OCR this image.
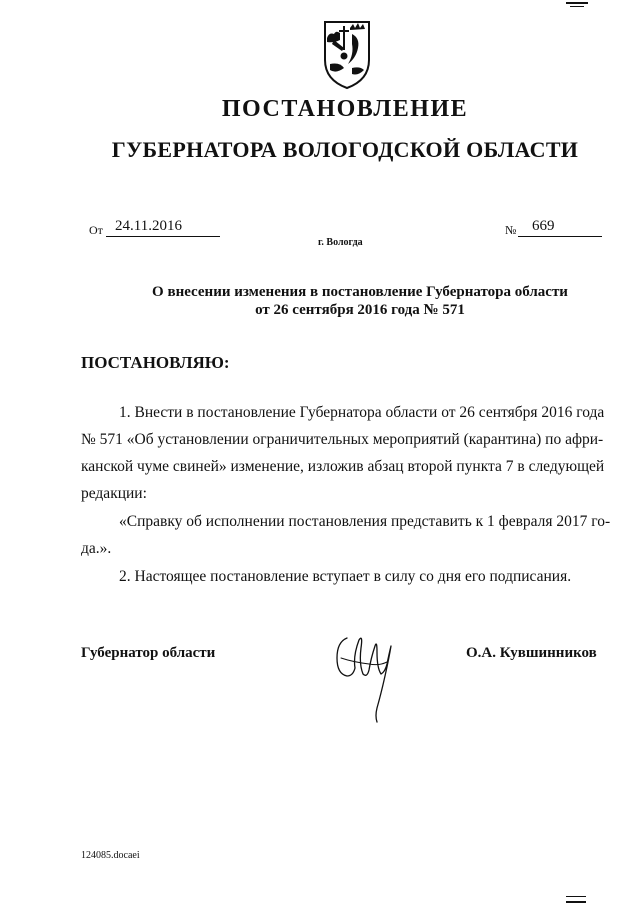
ПОСТАНОВЛЕНИЕ
ГУБЕРНАТОРА ВОЛОГОДСКОЙ ОБЛАСТИ
От 24.11.2016	№ 669
г. Вологда
О внесении изменения в постановление Губернатора области
от 26 сентября 2016 года № 571
ПОСТАНОВЛЯЮ:
1. Внести в постановление Губернатора области от 26 сентября 2016 года
№ 571 «Об установлении ограничительных мероприятий (карантина) по афри-
канской чуме свиней» изменение, изложив абзац второй пункта 7 в следующей
редакции:
«Справку об исполнении постановления представить к 1 февраля 2017 го-
да.».
2. Настоящее постановление вступает в силу со дня его подписания.
Губернатор области	О.А. Кувшинников
124085.docaei
